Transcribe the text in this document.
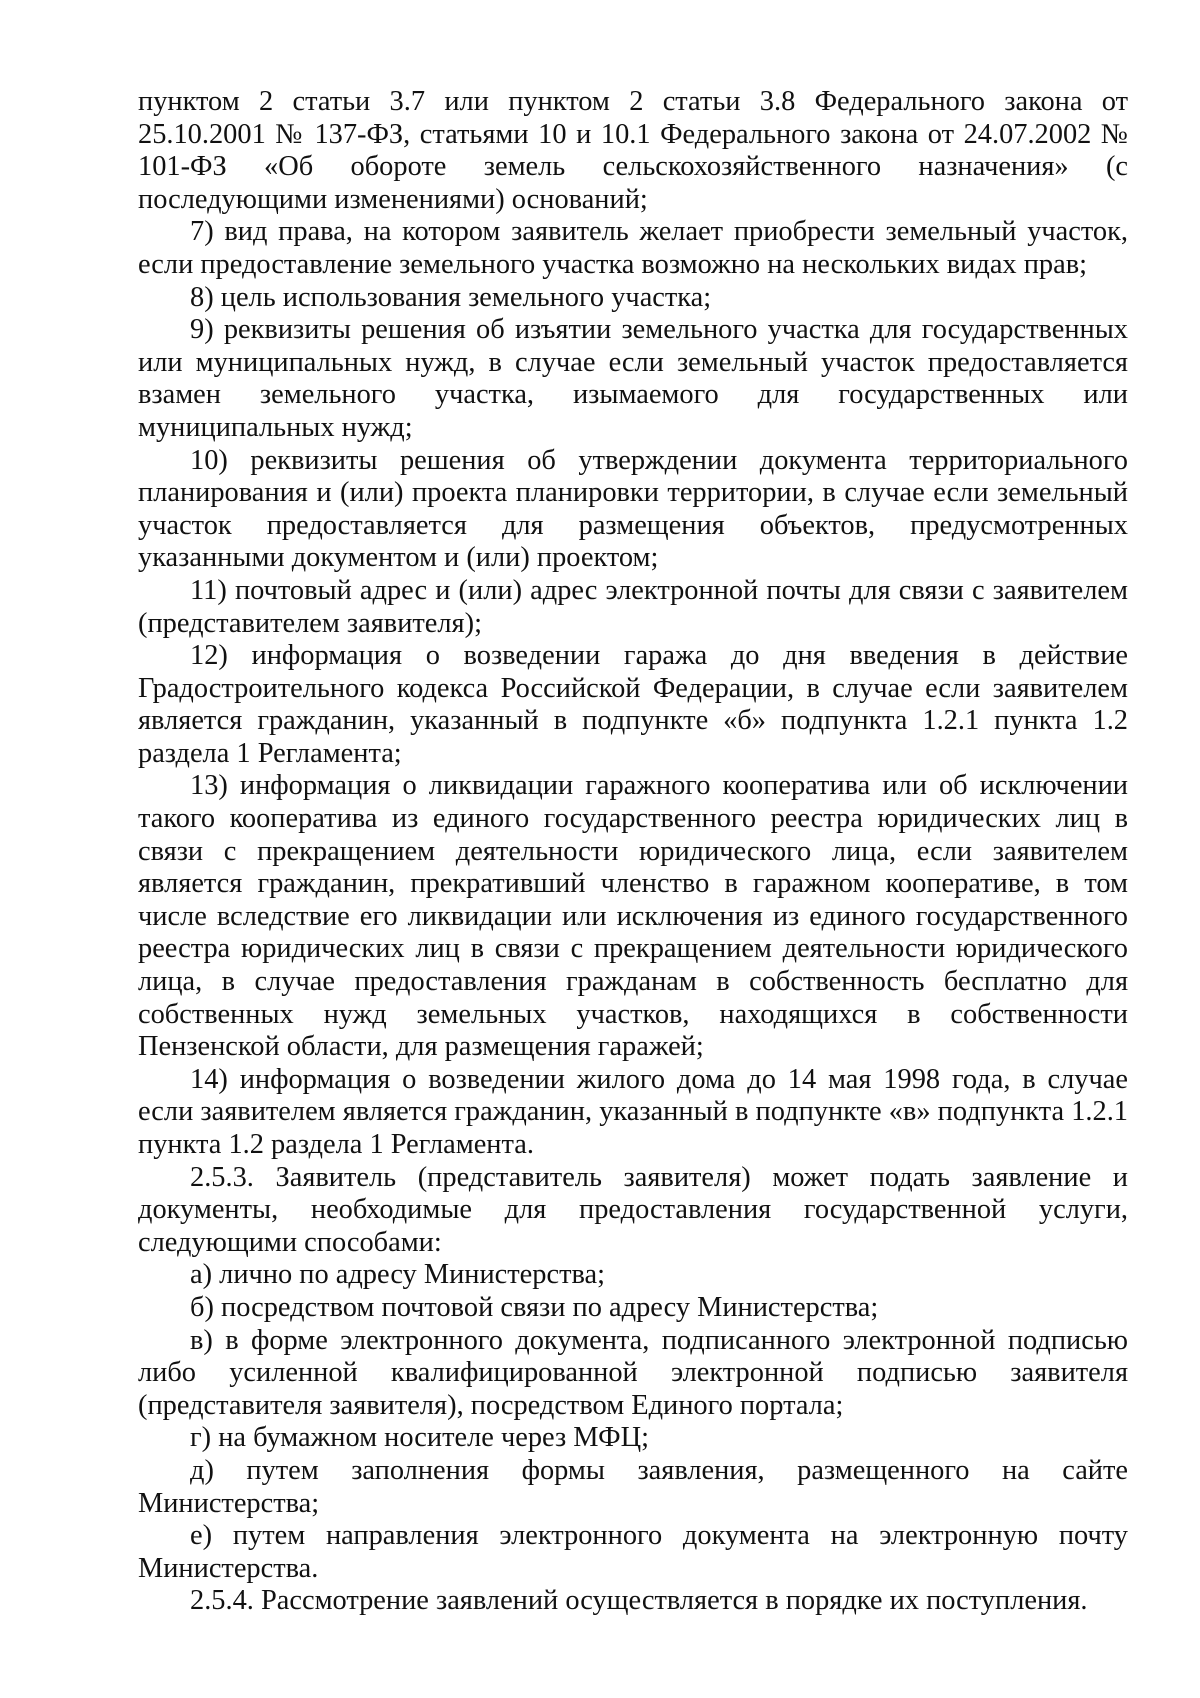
пунктом 2 статьи 3.7 или пунктом 2 статьи 3.8 Федерального закона от 25.10.2001 № 137-ФЗ, статьями 10 и 10.1 Федерального закона от 24.07.2002 № 101-ФЗ «Об обороте земель сельскохозяйственного назначения» (с последующими изменениями) оснований;

7) вид права, на котором заявитель желает приобрести земельный участок, если предоставление земельного участка возможно на нескольких видах прав;

8) цель использования земельного участка;

9) реквизиты решения об изъятии земельного участка для государственных или муниципальных нужд, в случае если земельный участок предоставляется взамен земельного участка, изымаемого для государственных или муниципальных нужд;

10) реквизиты решения об утверждении документа территориального планирования и (или) проекта планировки территории, в случае если земельный участок предоставляется для размещения объектов, предусмотренных указанными документом и (или) проектом;

11) почтовый адрес и (или) адрес электронной почты для связи с заявителем (представителем заявителя);

12) информация о возведении гаража до дня введения в действие Градостроительного кодекса Российской Федерации, в случае если заявителем является гражданин, указанный в подпункте «б» подпункта 1.2.1 пункта 1.2 раздела 1 Регламента;

13) информация о ликвидации гаражного кооператива или об исключении такого кооператива из единого государственного реестра юридических лиц в связи с прекращением деятельности юридического лица, если заявителем является гражданин, прекративший членство в гаражном кооперативе, в том числе вследствие его ликвидации или исключения из единого государственного реестра юридических лиц в связи с прекращением деятельности юридического лица, в случае предоставления гражданам в собственность бесплатно для собственных нужд земельных участков, находящихся в собственности Пензенской области, для размещения гаражей;

14) информация о возведении жилого дома до 14 мая 1998 года, в случае если заявителем является гражданин, указанный в подпункте «в» подпункта 1.2.1 пункта 1.2 раздела 1 Регламента.

2.5.3. Заявитель (представитель заявителя) может подать заявление и документы, необходимые для предоставления государственной услуги, следующими способами:

а) лично по адресу Министерства;

б) посредством почтовой связи по адресу Министерства;

в) в форме электронного документа, подписанного электронной подписью либо усиленной квалифицированной электронной подписью заявителя (представителя заявителя), посредством Единого портала;

г) на бумажном носителе через МФЦ;

д) путем заполнения формы заявления, размещенного на сайте Министерства;

е) путем направления электронного документа на электронную почту Министерства.

2.5.4. Рассмотрение заявлений осуществляется в порядке их поступления.
